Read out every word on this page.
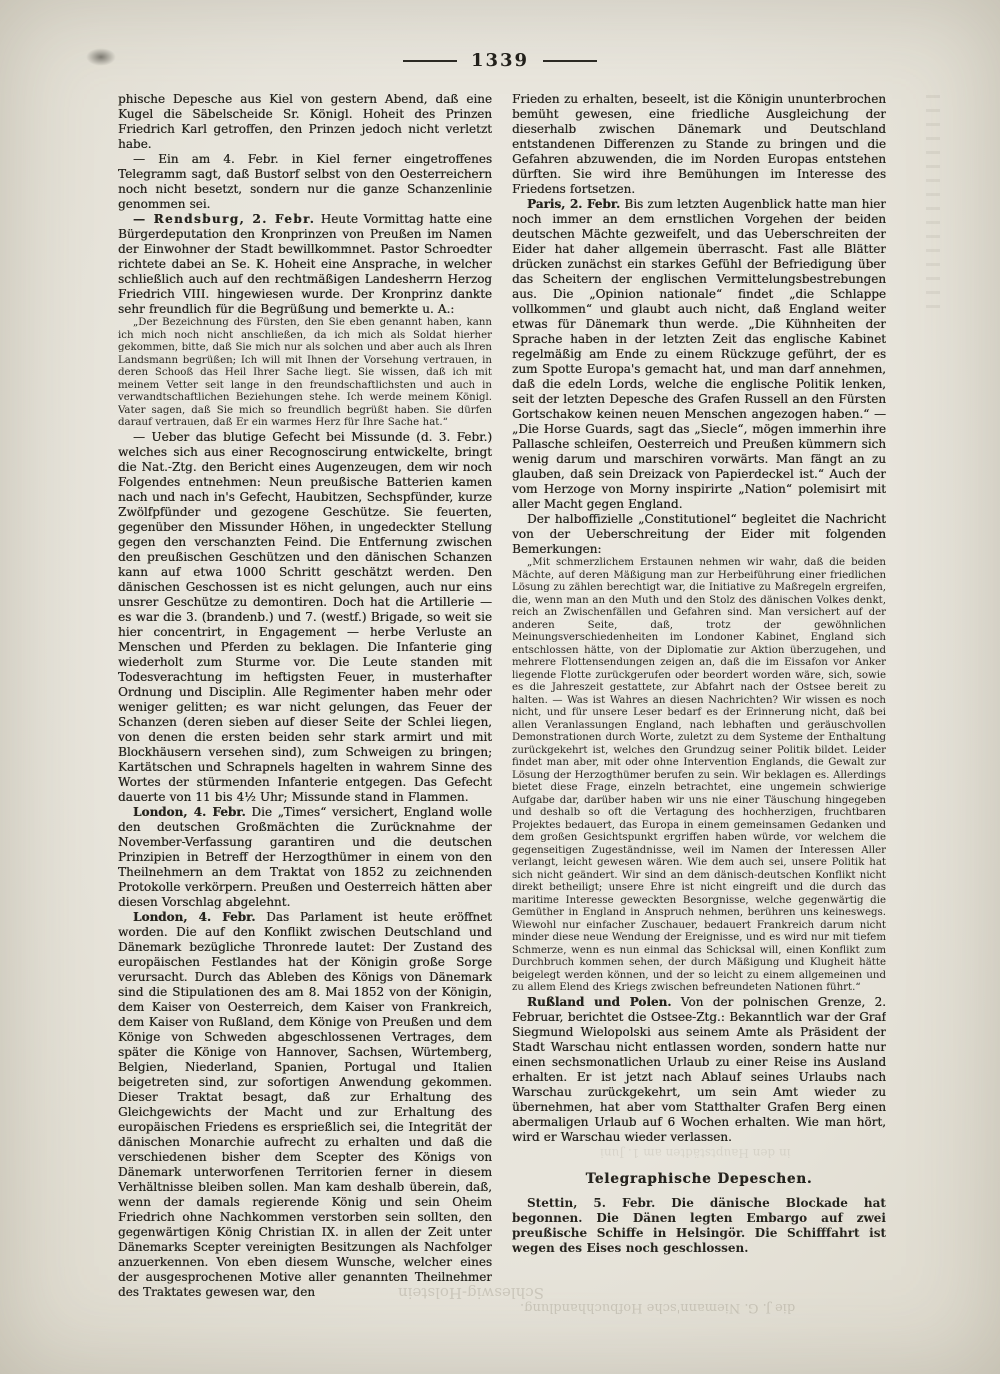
1339

phische Depesche aus Kiel von gestern Abend, daß eine Kugel die Säbelscheide Sr. Königl. Hoheit des Prinzen Friedrich Karl getroffen, den Prinzen jedoch nicht verletzt habe.

— Ein am 4. Febr. in Kiel ferner eingetroffenes Telegramm sagt, daß Bustorf selbst von den Oesterreichern noch nicht besetzt, sondern nur die ganze Schanzenlinie genommen sei.

— Rendsburg, 2. Febr. Heute Vormittag hatte eine Bürgerdeputation den Kronprinzen von Preußen im Namen der Einwohner der Stadt bewillkommnet. Pastor Schroedter richtete dabei an Se. K. Hoheit eine Ansprache, in welcher schließlich auch auf den rechtmäßigen Landesherrn Herzog Friedrich VIII. hingewiesen wurde. Der Kronprinz dankte sehr freundlich für die Begrüßung und bemerkte u. A.:

„Der Bezeichnung des Fürsten, den Sie eben genannt haben, kann ich mich noch nicht anschließen, da ich mich als Soldat hierher gekommen, bitte, daß Sie mich nur als solchen und aber auch als Ihren Landsmann begrüßen; Ich will mit Ihnen der Vorsehung vertrauen, in deren Schooß das Heil Ihrer Sache liegt. Sie wissen, daß ich mit meinem Vetter seit lange in den freundschaftlichsten und auch in verwandtschaftlichen Beziehungen stehe. Ich werde meinem Königl. Vater sagen, daß Sie mich so freundlich begrüßt haben. Sie dürfen darauf vertrauen, daß Er ein warmes Herz für Ihre Sache hat.“

— Ueber das blutige Gefecht bei Missunde (d. 3. Febr.) welches sich aus einer Recognoscirung entwickelte, bringt die Nat.-Ztg. den Bericht eines Augenzeugen, dem wir noch Folgendes entnehmen: Neun preußische Batterien kamen nach und nach in's Gefecht, Haubitzen, Sechspfünder, kurze Zwölfpfünder und gezogene Geschütze. Sie feuerten, gegenüber den Missunder Höhen, in ungedeckter Stellung gegen den verschanzten Feind. Die Entfernung zwischen den preußischen Geschützen und den dänischen Schanzen kann auf etwa 1000 Schritt geschätzt werden. Den dänischen Geschossen ist es nicht gelungen, auch nur eins unsrer Geschütze zu demontiren. Doch hat die Artillerie — es war die 3. (brandenb.) und 7. (westf.) Brigade, so weit sie hier concentrirt, in Engagement — herbe Verluste an Menschen und Pferden zu beklagen. Die Infanterie ging wiederholt zum Sturme vor. Die Leute standen mit Todesverachtung im heftigsten Feuer, in musterhafter Ordnung und Disciplin. Alle Regimenter haben mehr oder weniger gelitten; es war nicht gelungen, das Feuer der Schanzen (deren sieben auf dieser Seite der Schlei liegen, von denen die ersten beiden sehr stark armirt und mit Blockhäusern versehen sind), zum Schweigen zu bringen; Kartätschen und Schrapnels hagelten in wahrem Sinne des Wortes der stürmenden Infanterie entgegen. Das Gefecht dauerte von 11 bis 4½ Uhr; Missunde stand in Flammen.

London, 4. Febr. Die „Times“ versichert, England wolle den deutschen Großmächten die Zurücknahme der November-Verfassung garantiren und die deutschen Prinzipien in Betreff der Herzogthümer in einem von den Theilnehmern an dem Traktat von 1852 zu zeichnenden Protokolle verkörpern. Preußen und Oesterreich hätten aber diesen Vorschlag abgelehnt.

London, 4. Febr. Das Parlament ist heute eröffnet worden. Die auf den Konflikt zwischen Deutschland und Dänemark bezügliche Thronrede lautet: Der Zustand des europäischen Festlandes hat der Königin große Sorge verursacht. Durch das Ableben des Königs von Dänemark sind die Stipulationen des am 8. Mai 1852 von der Königin, dem Kaiser von Oesterreich, dem Kaiser von Frankreich, dem Kaiser von Rußland, dem Könige von Preußen und dem Könige von Schweden abgeschlossenen Vertrages, dem später die Könige von Hannover, Sachsen, Würtemberg, Belgien, Niederland, Spanien, Portugal und Italien beigetreten sind, zur sofortigen Anwendung gekommen. Dieser Traktat besagt, daß zur Erhaltung des Gleichgewichts der Macht und zur Erhaltung des europäischen Friedens es ersprießlich sei, die Integrität der dänischen Monarchie aufrecht zu erhalten und daß die verschiedenen bisher dem Scepter des Königs von Dänemark unterworfenen Territorien ferner in diesem Verhältnisse bleiben sollen. Man kam deshalb überein, daß, wenn der damals regierende König und sein Oheim Friedrich ohne Nachkommen verstorben sein sollten, den gegenwärtigen König Christian IX. in allen der Zeit unter Dänemarks Scepter vereinigten Besitzungen als Nachfolger anzuerkennen. Von eben diesem Wunsche, welcher eines der ausgesprochenen Motive aller genannten Theilnehmer des Traktates gewesen war, den

Frieden zu erhalten, beseelt, ist die Königin ununterbrochen bemüht gewesen, eine friedliche Ausgleichung der dieserhalb zwischen Dänemark und Deutschland entstandenen Differenzen zu Stande zu bringen und die Gefahren abzuwenden, die im Norden Europas entstehen dürften. Sie wird ihre Bemühungen im Interesse des Friedens fortsetzen.

Paris, 2. Febr. Bis zum letzten Augenblick hatte man hier noch immer an dem ernstlichen Vorgehen der beiden deutschen Mächte gezweifelt, und das Ueberschreiten der Eider hat daher allgemein überrascht. Fast alle Blätter drücken zunächst ein starkes Gefühl der Befriedigung über das Scheitern der englischen Vermittelungsbestrebungen aus. Die „Opinion nationale“ findet „die Schlappe vollkommen“ und glaubt auch nicht, daß England weiter etwas für Dänemark thun werde. „Die Kühnheiten der Sprache haben in der letzten Zeit das englische Kabinet regelmäßig am Ende zu einem Rückzuge geführt, der es zum Spotte Europa's gemacht hat, und man darf annehmen, daß die edeln Lords, welche die englische Politik lenken, seit der letzten Depesche des Grafen Russell an den Fürsten Gortschakow keinen neuen Menschen angezogen haben.“ — „Die Horse Guards, sagt das „Siecle“, mögen immerhin ihre Pallasche schleifen, Oesterreich und Preußen kümmern sich wenig darum und marschiren vorwärts. Man fängt an zu glauben, daß sein Dreizack von Papierdeckel ist.“ Auch der vom Herzoge von Morny inspirirte „Nation“ polemisirt mit aller Macht gegen England.

Der halboffizielle „Constitutionel“ begleitet die Nachricht von der Ueberschreitung der Eider mit folgenden Bemerkungen:

„Mit schmerzlichem Erstaunen nehmen wir wahr, daß die beiden Mächte, auf deren Mäßigung man zur Herbeiführung einer friedlichen Lösung zu zählen berechtigt war, die Initiative zu Maßregeln ergreifen, die, wenn man an den Muth und den Stolz des dänischen Volkes denkt, reich an Zwischenfällen und Gefahren sind. Man versichert auf der anderen Seite, daß, trotz der gewöhnlichen Meinungsverschiedenheiten im Londoner Kabinet, England sich entschlossen hätte, von der Diplomatie zur Aktion überzugehen, und mehrere Flottensendungen zeigen an, daß die im Eissafon vor Anker liegende Flotte zurückgerufen oder beordert worden wäre, sich, sowie es die Jahreszeit gestattete, zur Abfahrt nach der Ostsee bereit zu halten. — Was ist Wahres an diesen Nachrichten? Wir wissen es noch nicht, und für unsere Leser bedarf es der Erinnerung nicht, daß bei allen Veranlassungen England, nach lebhaften und geräuschvollen Demonstrationen durch Worte, zuletzt zu dem Systeme der Enthaltung zurückgekehrt ist, welches den Grundzug seiner Politik bildet. Leider findet man aber, mit oder ohne Intervention Englands, die Gewalt zur Lösung der Herzogthümer berufen zu sein. Wir beklagen es. Allerdings bietet diese Frage, einzeln betrachtet, eine ungemein schwierige Aufgabe dar, darüber haben wir uns nie einer Täuschung hingegeben und deshalb so oft die Vertagung des hochherzigen, fruchtbaren Projektes bedauert, das Europa in einem gemeinsamen Gedanken und dem großen Gesichtspunkt ergriffen haben würde, vor welchem die gegenseitigen Zugeständnisse, weil im Namen der Interessen Aller verlangt, leicht gewesen wären. Wie dem auch sei, unsere Politik hat sich nicht geändert. Wir sind an dem dänisch-deutschen Konflikt nicht direkt betheiligt; unsere Ehre ist nicht eingreift und die durch das maritime Interesse geweckten Besorgnisse, welche gegenwärtig die Gemüther in England in Anspruch nehmen, berühren uns keineswegs. Wiewohl nur einfacher Zuschauer, bedauert Frankreich darum nicht minder diese neue Wendung der Ereignisse, und es wird nur mit tiefem Schmerze, wenn es nun einmal das Schicksal will, einen Konflikt zum Durchbruch kommen sehen, der durch Mäßigung und Klugheit hätte beigelegt werden können, und der so leicht zu einem allgemeinen und zu allem Elend des Kriegs zwischen befreundeten Nationen führt.“

Rußland und Polen. Von der polnischen Grenze, 2. Februar, berichtet die Ostsee-Ztg.: Bekanntlich war der Graf Siegmund Wielopolski aus seinem Amte als Präsident der Stadt Warschau nicht entlassen worden, sondern hatte nur einen sechsmonatlichen Urlaub zu einer Reise ins Ausland erhalten. Er ist jetzt nach Ablauf seines Urlaubs nach Warschau zurückgekehrt, um sein Amt wieder zu übernehmen, hat aber vom Statthalter Grafen Berg einen abermaligen Urlaub auf 6 Wochen erhalten. Wie man hört, wird er Warschau wieder verlassen.

Telegraphische Depeschen.

Stettin, 5. Febr. Die dänische Blockade hat begonnen. Die Dänen legten Embargo auf zwei preußische Schiffe in Helsingör. Die Schifffahrt ist wegen des Eises noch geschlossen.

Schleswig-Holstein
die J. G. Niemann'sche Hofbuchhandlung.
in den Hauptstädten am 1. Juni
